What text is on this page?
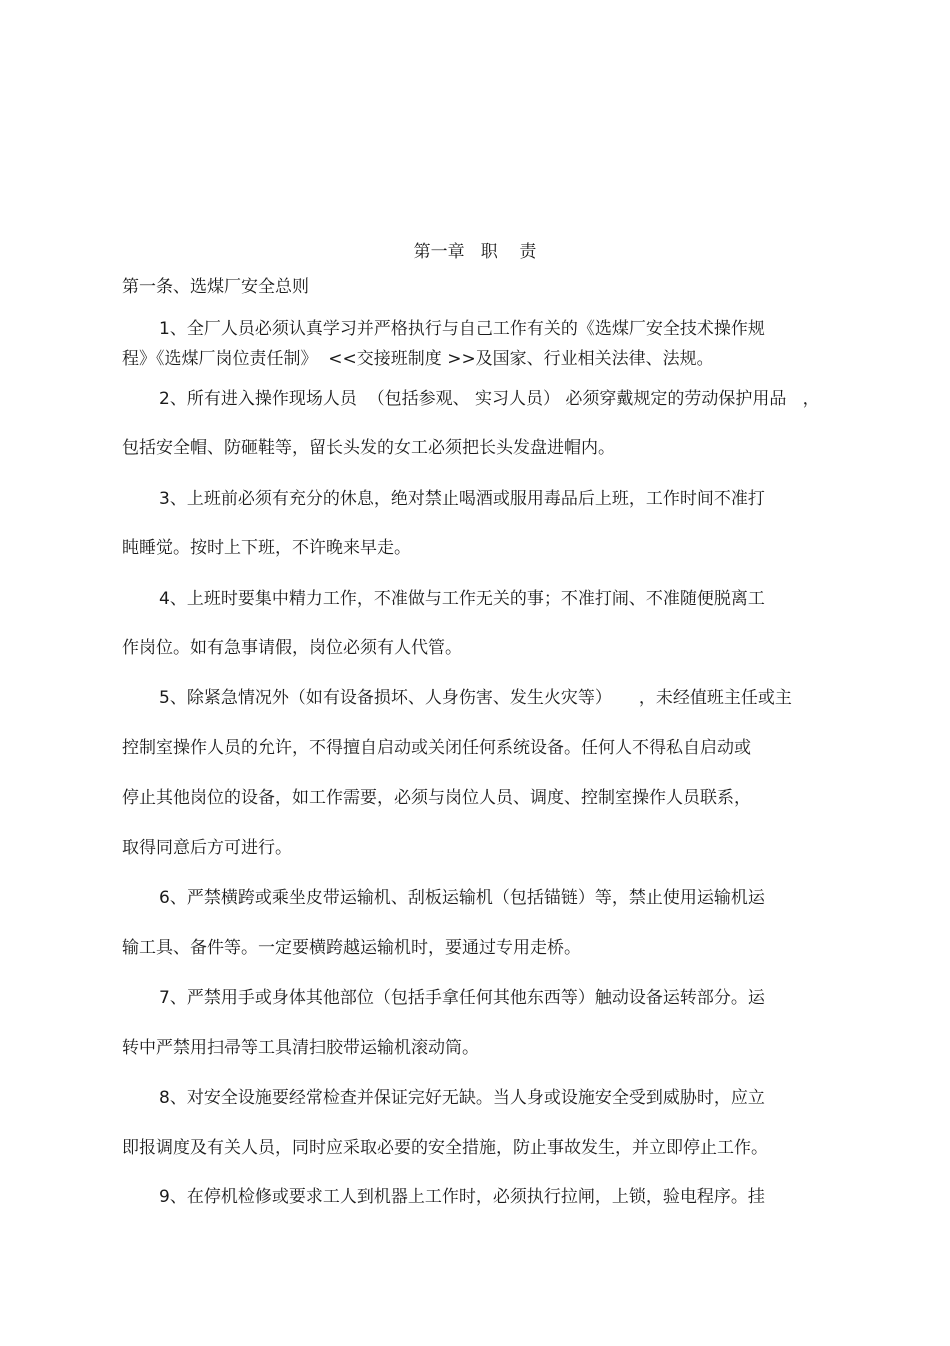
第一章   职    责
第一条、选煤厂安全总则
1、全厂人员必须认真学习并严格执行与自己工作有关的《选煤厂安全技术操作规
程》《选煤厂岗位责任制》  <<交接班制度 >>及国家、行业相关法律、法规。
2、所有进入操作现场人员  （包括参观、 实习人员） 必须穿戴规定的劳动保护用品   ，
包括安全帽、防砸鞋等，留长头发的女工必须把长头发盘进帽内。
3、上班前必须有充分的休息，绝对禁止喝酒或服用毒品后上班，工作时间不准打
盹睡觉。按时上下班，不许晚来早走。
4、上班时要集中精力工作，不准做与工作无关的事；不准打闹、不准随便脱离工
作岗位。如有急事请假，岗位必须有人代管。
5、除紧急情况外（如有设备损坏、人身伤害、发生火灾等）     ，未经值班主任或主
控制室操作人员的允许，不得擅自启动或关闭任何系统设备。任何人不得私自启动或
停止其他岗位的设备，如工作需要，必须与岗位人员、调度、控制室操作人员联系，
取得同意后方可进行。
6、严禁横跨或乘坐皮带运输机、刮板运输机（包括锚链）等，禁止使用运输机运
输工具、备件等。一定要横跨越运输机时，要通过专用走桥。
7、严禁用手或身体其他部位（包括手拿任何其他东西等）触动设备运转部分。运
转中严禁用扫帚等工具清扫胶带运输机滚动筒。
8、对安全设施要经常检查并保证完好无缺。当人身或设施安全受到威胁时，应立
即报调度及有关人员，同时应采取必要的安全措施，防止事故发生，并立即停止工作。
9、在停机检修或要求工人到机器上工作时，必须执行拉闸，上锁，验电程序。挂
